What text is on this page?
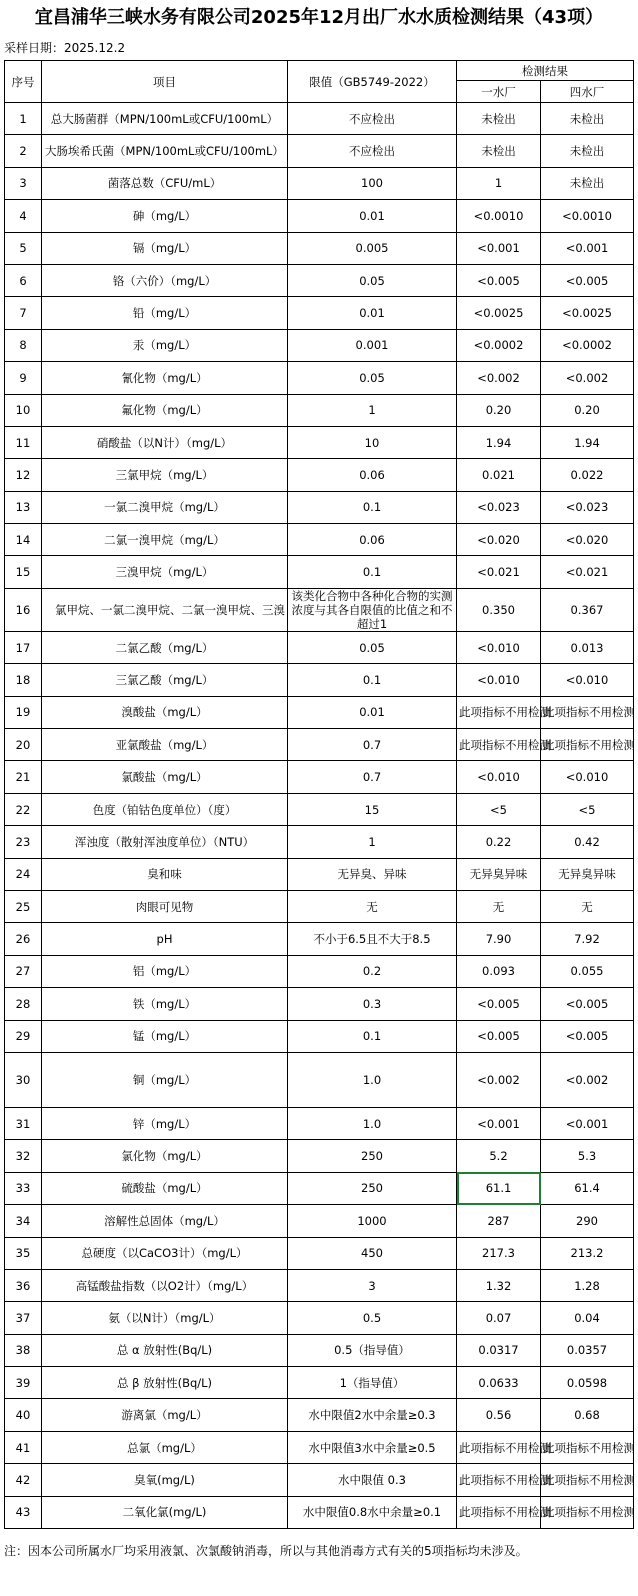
宜昌浦华三峡水务有限公司2025年12月出厂水水质检测结果（43项）
采样日期：2025.12.2
序号	项目	限值（GB5749-2022）	检测结果	
			一水厂	四水厂
1	总大肠菌群（MPN/100mL或CFU/100mL）	不应检出	未检出	未检出
2	大肠埃希氏菌（MPN/100mL或CFU/100mL）	不应检出	未检出	未检出
3	菌落总数（CFU/mL）	100	1	未检出
4	砷（mg/L）	0.01	<0.0010	<0.0010
5	镉（mg/L）	0.005	<0.001	<0.001
6	铬（六价）（mg/L）	0.05	<0.005	<0.005
7	铅（mg/L）	0.01	<0.0025	<0.0025
8	汞（mg/L）	0.001	<0.0002	<0.0002
9	氰化物（mg/L）	0.05	<0.002	<0.002
10	氟化物（mg/L）	1	0.20	0.20
11	硝酸盐（以N计）（mg/L）	10	1.94	1.94
12	三氯甲烷（mg/L）	0.06	0.021	0.022
13	一氯二溴甲烷（mg/L）	0.1	<0.023	<0.023
14	二氯一溴甲烷（mg/L）	0.06	<0.020	<0.020
15	三溴甲烷（mg/L）	0.1	<0.021	<0.021
16	氯甲烷、一氯二溴甲烷、二氯一溴甲烷、三溴	该类化合物中各种化合物的实测浓度与其各自限值的比值之和不超过1	0.350	0.367
17	二氯乙酸（mg/L）	0.05	<0.010	0.013
18	三氯乙酸（mg/L）	0.1	<0.010	<0.010
19	溴酸盐（mg/L）	0.01	此项指标不用检测	此项指标不用检测
20	亚氯酸盐（mg/L）	0.7	此项指标不用检测	此项指标不用检测
21	氯酸盐（mg/L）	0.7	<0.010	<0.010
22	色度（铂钴色度单位）（度）	15	<5	<5
23	浑浊度（散射浑浊度单位）（NTU）	1	0.22	0.42
24	臭和味	无异臭、异味	无异臭异味	无异臭异味
25	肉眼可见物	无	无	无
26	pH	不小于6.5且不大于8.5	7.90	7.92
27	铝（mg/L）	0.2	0.093	0.055
28	铁（mg/L）	0.3	<0.005	<0.005
29	锰（mg/L）	0.1	<0.005	<0.005
30	铜（mg/L）	1.0	<0.002	<0.002
31	锌（mg/L）	1.0	<0.001	<0.001
32	氯化物（mg/L）	250	5.2	5.3
33	硫酸盐（mg/L）	250	61.1	61.4
34	溶解性总固体（mg/L）	1000	287	290
35	总硬度（以CaCO3计）（mg/L）	450	217.3	213.2
36	高锰酸盐指数（以O2计）（mg/L）	3	1.32	1.28
37	氨（以N计）（mg/L）	0.5	0.07	0.04
38	总 α 放射性(Bq/L)	0.5（指导值）	0.0317	0.0357
39	总 β 放射性(Bq/L)	1（指导值）	0.0633	0.0598
40	游离氯（mg/L）	水中限值2水中余量≥0.3	0.56	0.68
41	总氯（mg/L）	水中限值3水中余量≥0.5	此项指标不用检测	此项指标不用检测
42	臭氧(mg/L)	水中限值 0.3	此项指标不用检测	此项指标不用检测
43	二氧化氯(mg/L)	水中限值0.8水中余量≥0.1	此项指标不用检测	此项指标不用检测
注：因本公司所属水厂均采用液氯、次氯酸钠消毒，所以与其他消毒方式有关的5项指标均未涉及。
